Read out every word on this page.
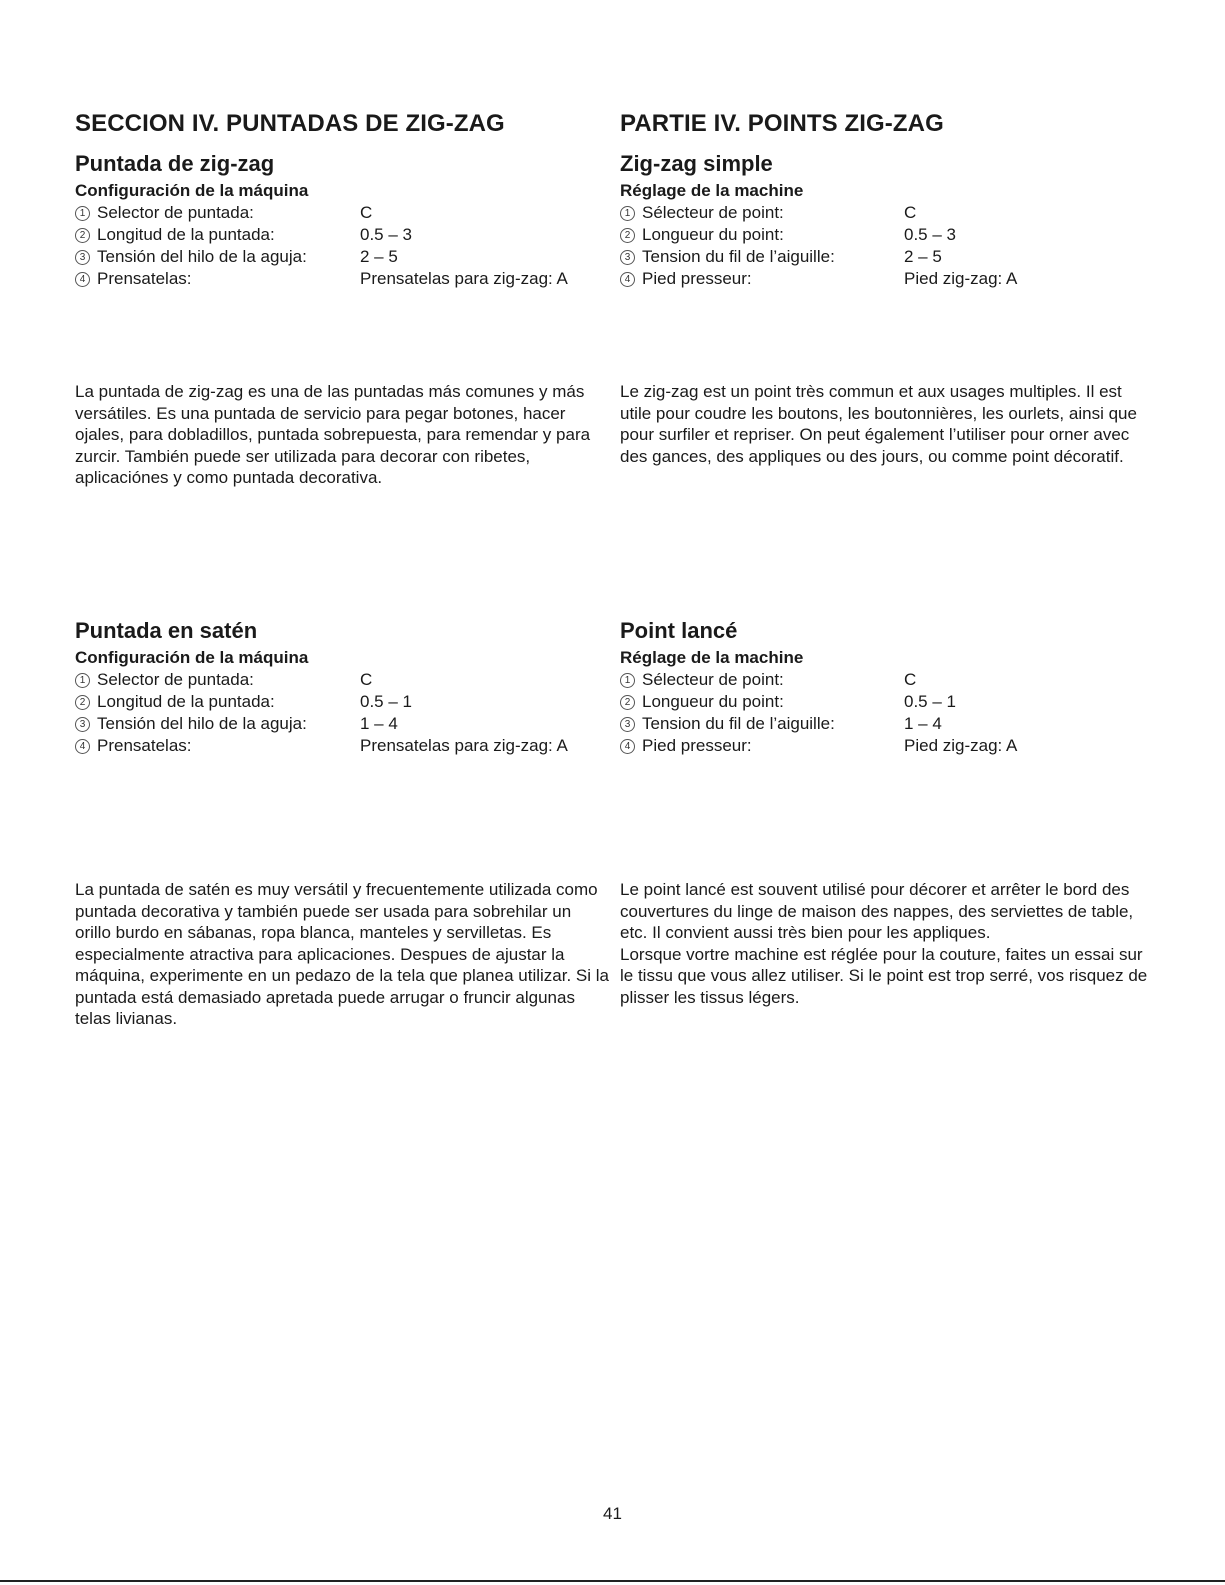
SECCION IV. PUNTADAS DE ZIG-ZAG	PARTIE IV. POINTS ZIG-ZAG
Puntada de zig-zag
Configuración de la máquina
1 Selector de puntada:	C
2 Longitud de la puntada:	0.5 – 3
3 Tensión del hilo de la aguja:	2 – 5
4 Prensatelas:	Prensatelas para zig-zag: A
Zig-zag simple
Réglage de la machine
1 Sélecteur de point:	C
2 Longueur du point:	0.5 – 3
3 Tension du fil de l’aiguille:	2 – 5
4 Pied presseur:	Pied zig-zag: A
La puntada de zig-zag es una de las puntadas más comunes y más versátiles. Es una puntada de servicio para pegar botones, hacer ojales, para dobladillos, puntada sobrepuesta, para remendar y para zurcir. También puede ser utilizada para decorar con ribetes, aplicaciónes y como puntada decorativa.
Le zig-zag est un point très commun et aux usages multiples. Il est utile pour coudre les boutons, les boutonnières, les ourlets, ainsi que pour surfiler et repriser. On peut également l’utiliser pour orner avec des gances, des appliques ou des jours, ou comme point décoratif.
Puntada en satén
Configuración de la máquina
1 Selector de puntada:	C
2 Longitud de la puntada:	0.5 – 1
3 Tensión del hilo de la aguja:	1 – 4
4 Prensatelas:	Prensatelas para zig-zag: A
Point lancé
Réglage de la machine
1 Sélecteur de point:	C
2 Longueur du point:	0.5 – 1
3 Tension du fil de l’aiguille:	1 – 4
4 Pied presseur:	Pied zig-zag: A
La puntada de satén es muy versátil y frecuentemente utilizada como puntada decorativa y también puede ser usada para sobrehilar un orillo burdo en sábanas, ropa blanca, manteles y servilletas. Es especialmente atractiva para aplicaciones. Despues de ajustar la máquina, experimente en un pedazo de la tela que planea utilizar. Si la puntada está demasiado apretada puede arrugar o fruncir algunas telas livianas.

Le point lancé est souvent utilisé pour décorer et arrêter le bord des couvertures du linge de maison des nappes, des serviettes de table, etc. Il convient aussi très bien pour les appliques.

Lorsque vortre machine est réglée pour la couture, faites un essai sur le tissu que vous allez utiliser. Si le point est trop serré, vos risquez de plisser les tissus légers.

41
